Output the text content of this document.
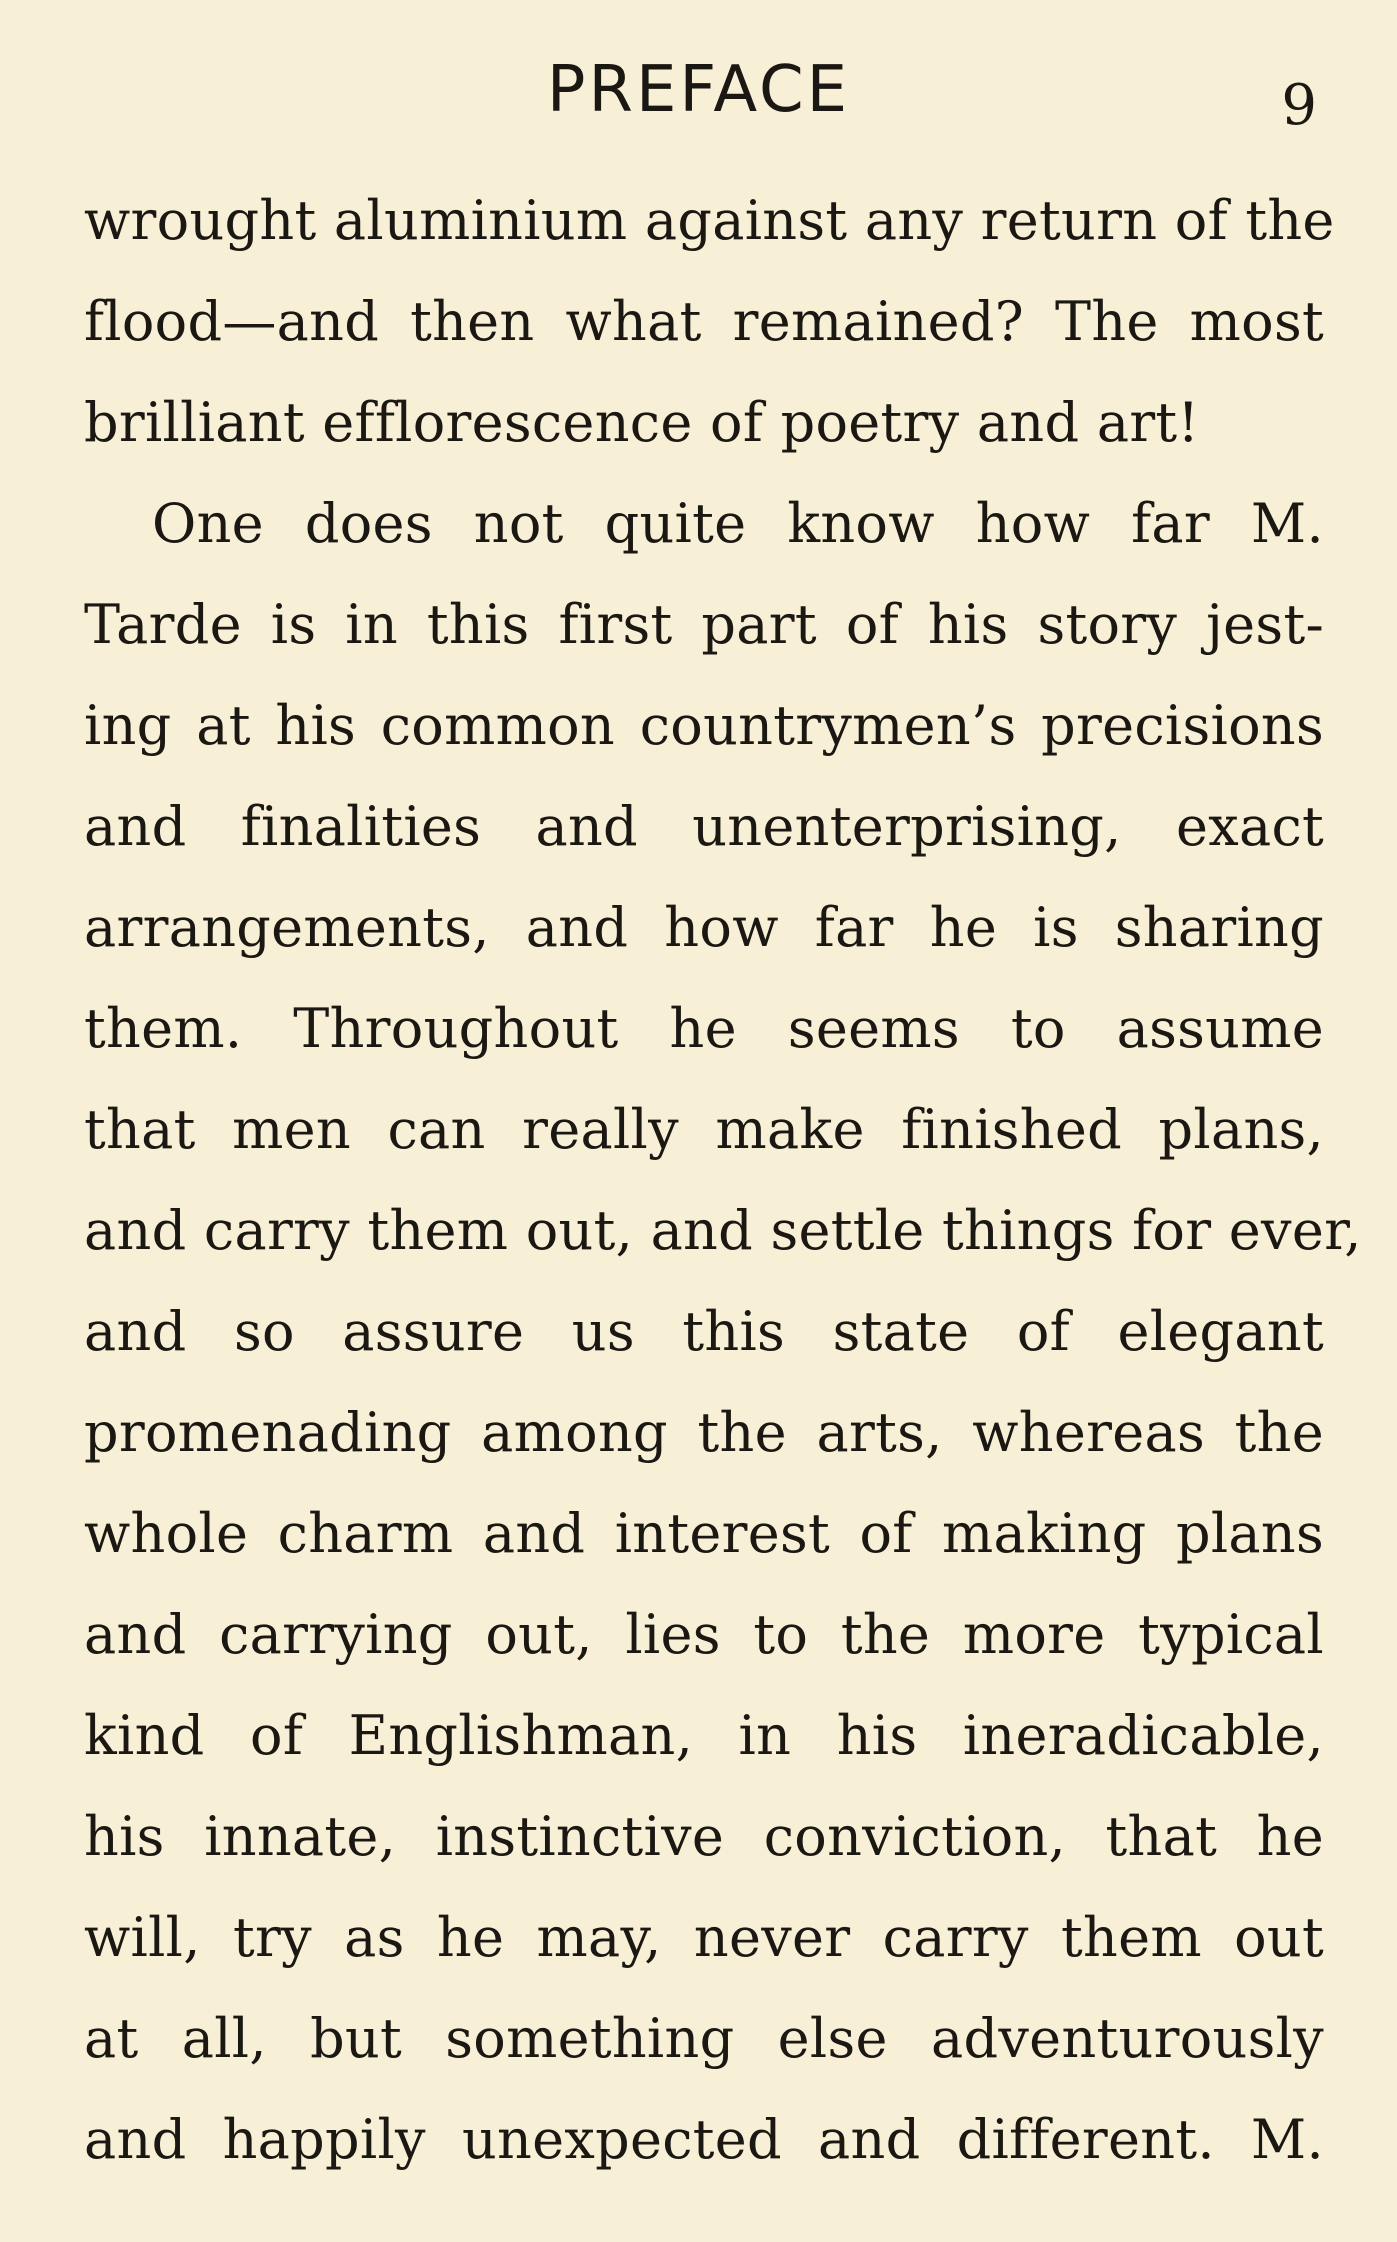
PREFACE	9
wrought aluminium against any return of the
flood—and then what remained? The most
brilliant efflorescence of poetry and art!
One does not quite know how far M.
Tarde is in this first part of his story jest-
ing at his common countrymen’s precisions
and finalities and unenterprising, exact
arrangements, and how far he is sharing
them. Throughout he seems to assume
that men can really make finished plans,
and carry them out, and settle things for ever,
and so assure us this state of elegant
promenading among the arts, whereas the
whole charm and interest of making plans
and carrying out, lies to the more typical
kind of Englishman, in his ineradicable,
his innate, instinctive conviction, that he
will, try as he may, never carry them out
at all, but something else adventurously
and happily unexpected and different. M.
